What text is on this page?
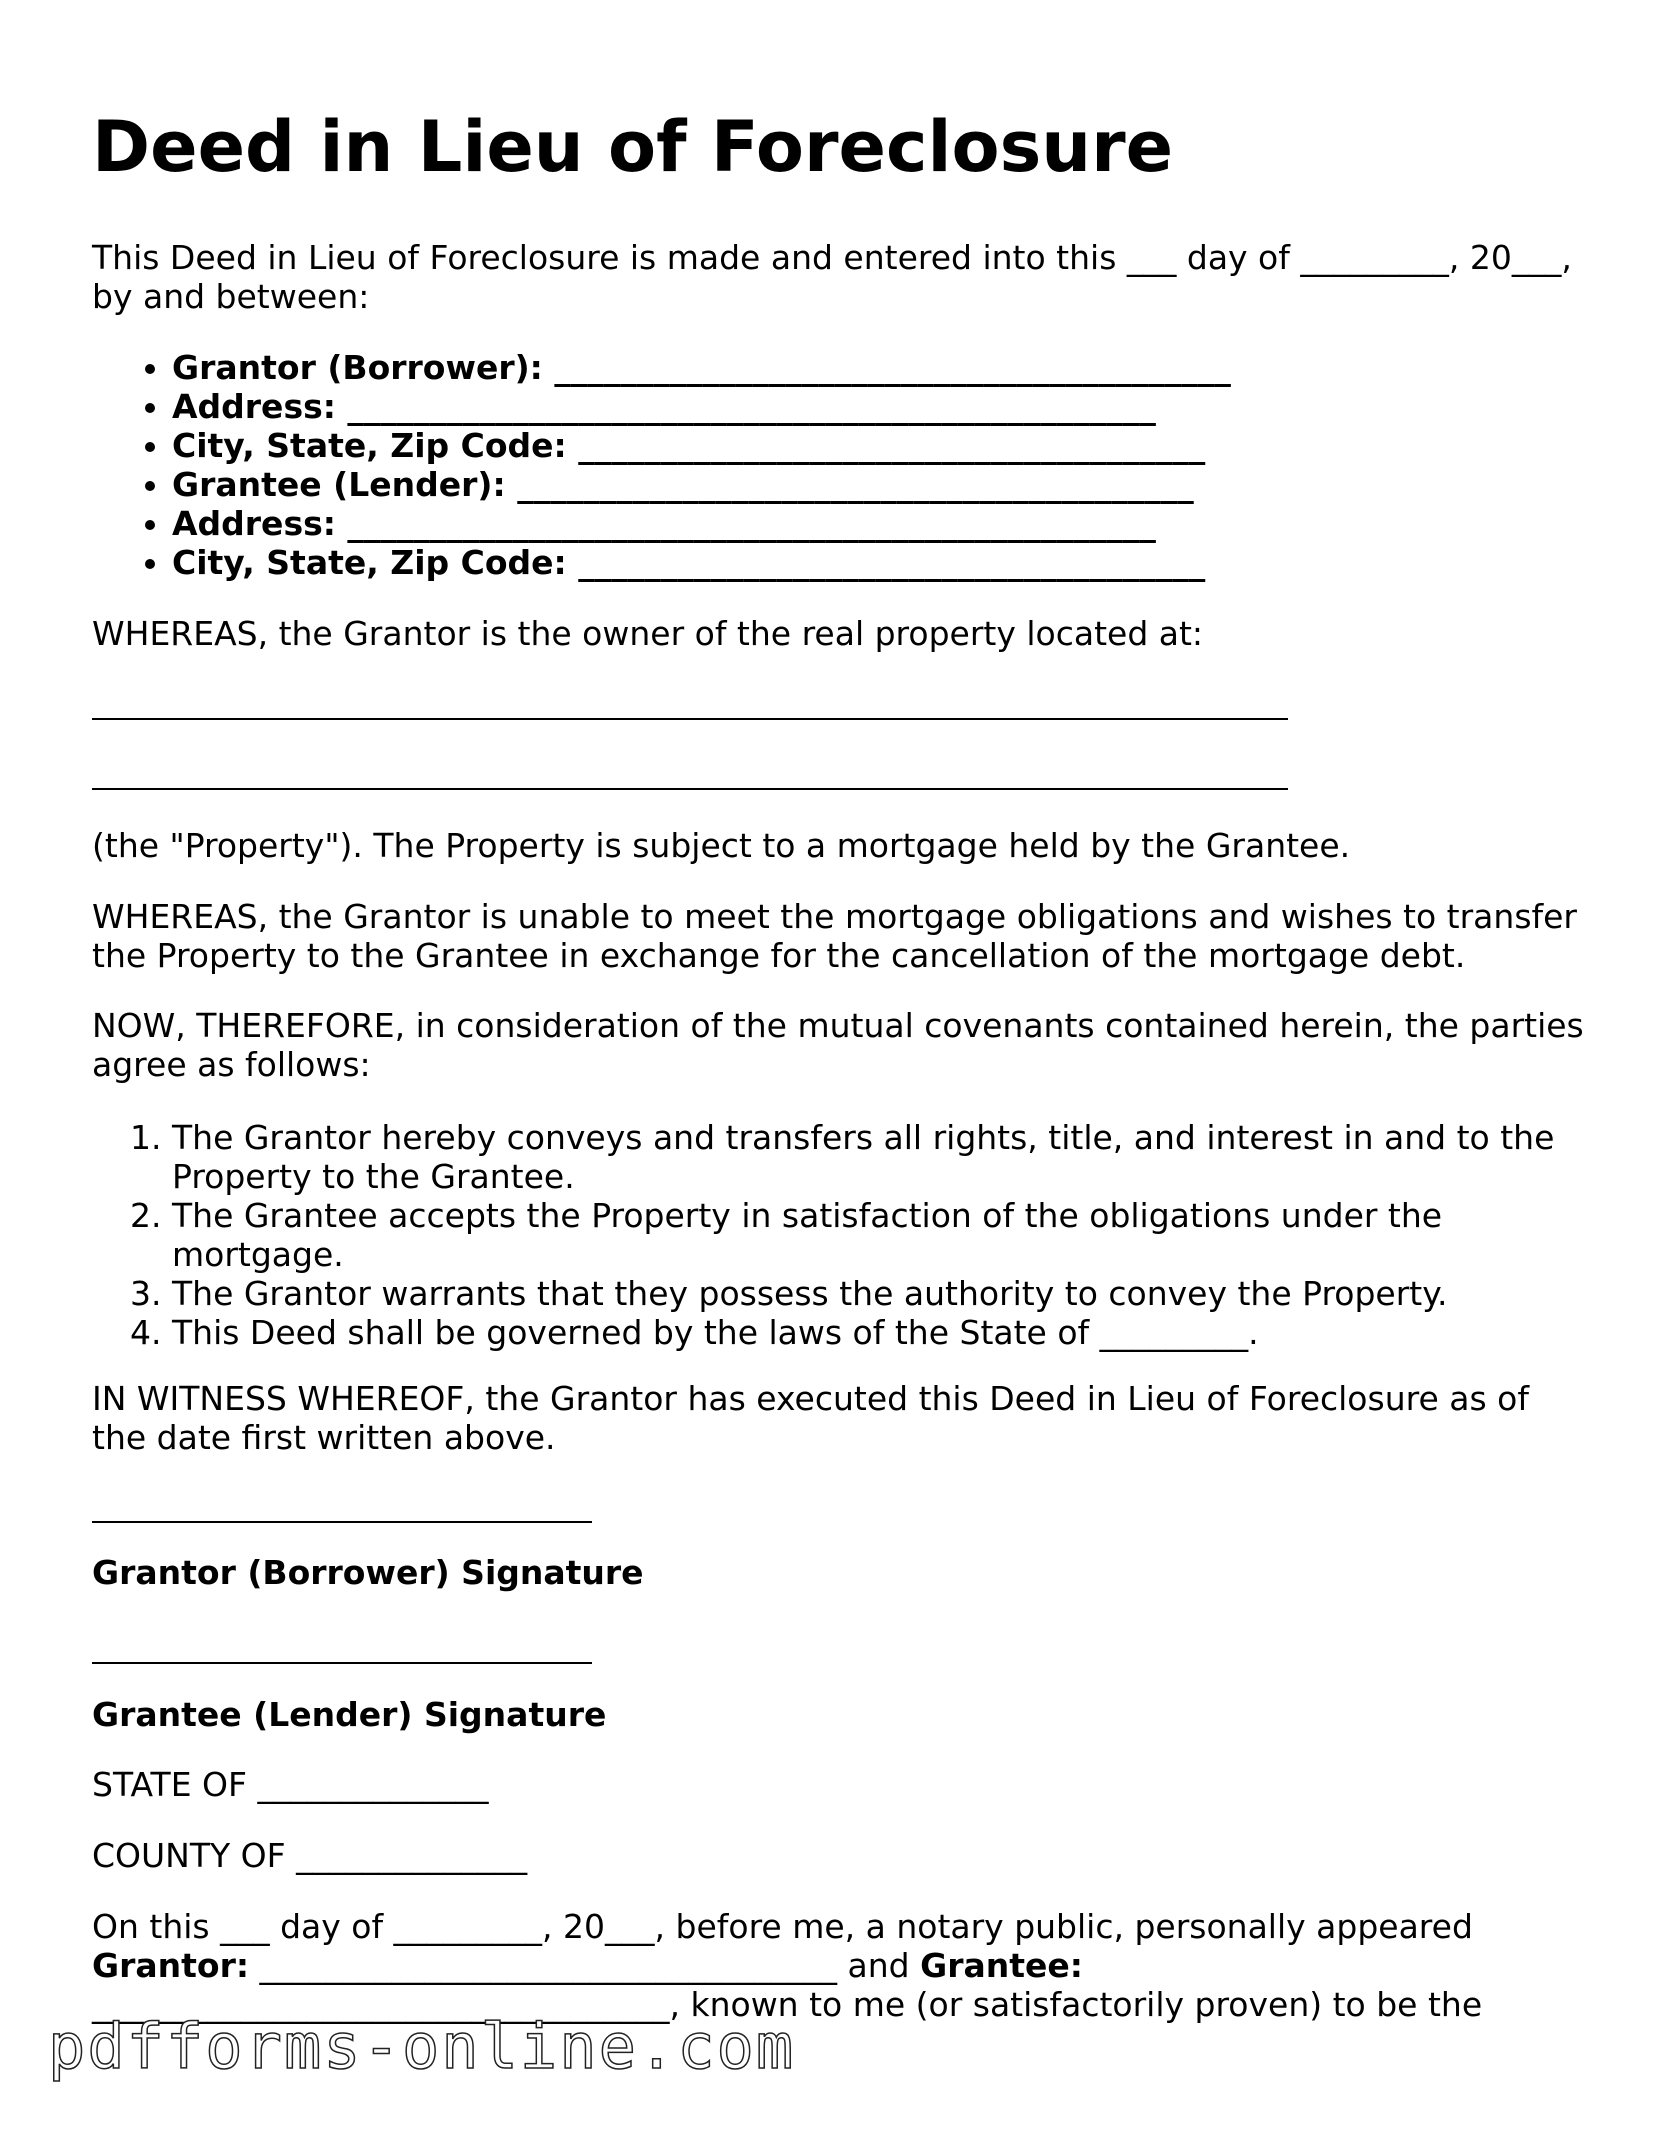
Deed in Lieu of Foreclosure

This Deed in Lieu of Foreclosure is made and entered into this ___ day of _________, 20___,

by and between:

• Grantor (Borrower): _________________________________________
• Address: _________________________________________________
• City, State, Zip Code: ______________________________________
• Grantee (Lender): _________________________________________
• Address: _________________________________________________
• City, State, Zip Code: ______________________________________

WHEREAS, the Grantor is the owner of the real property located at:

(the "Property"). The Property is subject to a mortgage held by the Grantee.

WHEREAS, the Grantor is unable to meet the mortgage obligations and wishes to transfer

the Property to the Grantee in exchange for the cancellation of the mortgage debt.

NOW, THEREFORE, in consideration of the mutual covenants contained herein, the parties

agree as follows:

1. The Grantor hereby conveys and transfers all rights, title, and interest in and to the Property to the Grantee.
2. The Grantee accepts the Property in satisfaction of the obligations under the mortgage.
3. The Grantor warrants that they possess the authority to convey the Property.
4. This Deed shall be governed by the laws of the State of _________.

IN WITNESS WHEREOF, the Grantor has executed this Deed in Lieu of Foreclosure as of

the date first written above.

Grantor (Borrower) Signature

Grantee (Lender) Signature

STATE OF ______________

COUNTY OF ______________

On this ___ day of _________, 20___, before me, a notary public, personally appeared

Grantor: ___________________________________ and Grantee:

___________________________________, known to me (or satisfactorily proven) to be the

pdfforms-online.com
